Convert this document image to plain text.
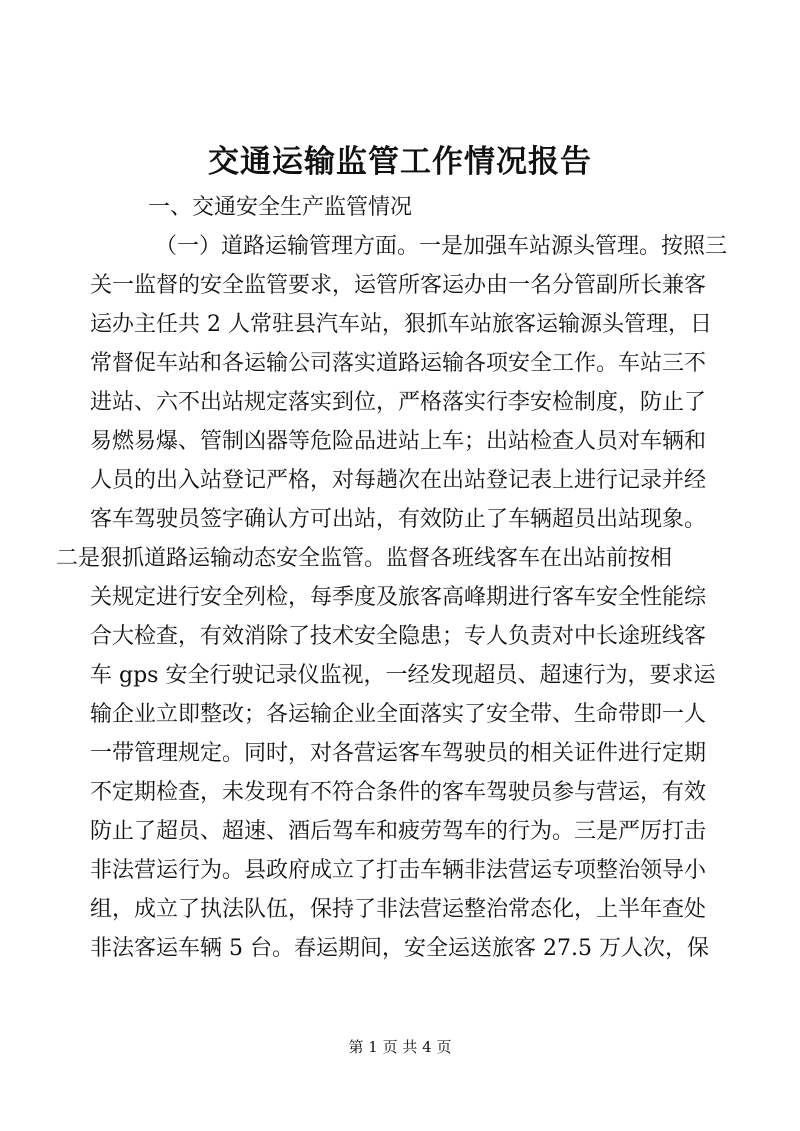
交通运输监管工作情况报告
一、交通安全生产监管情况
（一）道路运输管理方面。一是加强车站源头管理。按照三
关一监督的安全监管要求，运管所客运办由一名分管副所长兼客
运办主任共 2 人常驻县汽车站，狠抓车站旅客运输源头管理，日
常督促车站和各运输公司落实道路运输各项安全工作。车站三不
进站、六不出站规定落实到位，严格落实行李安检制度，防止了
易燃易爆、管制凶器等危险品进站上车；出站检查人员对车辆和
人员的出入站登记严格，对每趟次在出站登记表上进行记录并经
客车驾驶员签字确认方可出站，有效防止了车辆超员出站现象。
二是狠抓道路运输动态安全监管。监督各班线客车在出站前按相
关规定进行安全列检，每季度及旅客高峰期进行客车安全性能综
合大检查，有效消除了技术安全隐患；专人负责对中长途班线客
车 gps 安全行驶记录仪监视，一经发现超员、超速行为，要求运
输企业立即整改；各运输企业全面落实了安全带、生命带即一人
一带管理规定。同时，对各营运客车驾驶员的相关证件进行定期
不定期检查，未发现有不符合条件的客车驾驶员参与营运，有效
防止了超员、超速、酒后驾车和疲劳驾车的行为。三是严厉打击
非法营运行为。县政府成立了打击车辆非法营运专项整治领导小
组，成立了执法队伍，保持了非法营运整治常态化，上半年查处
非法客运车辆 5 台。春运期间，安全运送旅客 27.5 万人次，保
第 1 页 共 4 页
